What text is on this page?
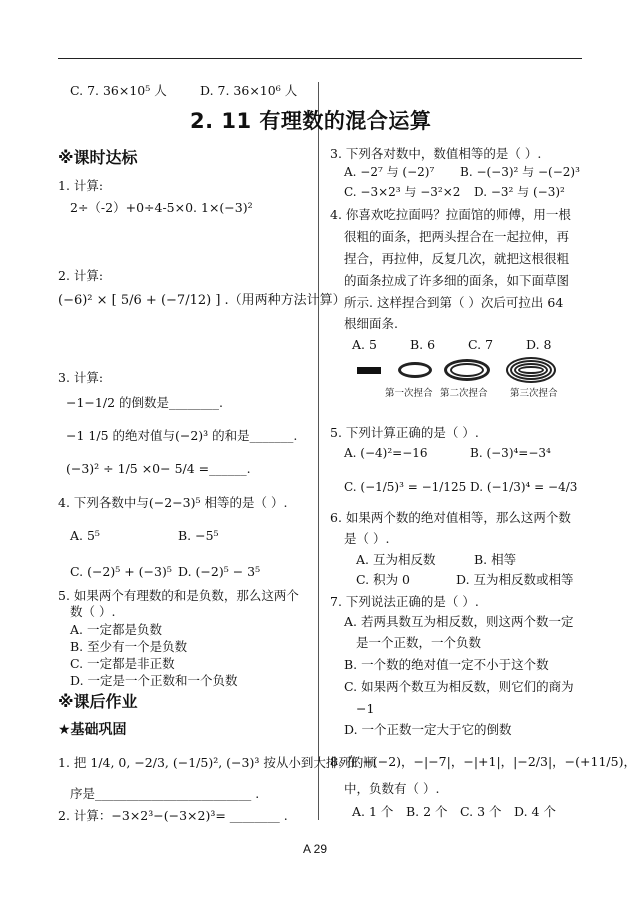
C. 7. 36×10⁵ 人	D. 7. 36×10⁶ 人
2. 11 有理数的混合运算
※课时达标
1. 计算:
2÷（-2）+0÷4-5×0. 1×(−3)²
2. 计算:
(−6)² × [ 5/6 + (−7/12) ] .（用两种方法计算）
3. 计算:
−1−1/2 的倒数是________.
−1 1/5 的绝对值与(−2)³ 的和是_______.
(−3)² ÷ 1/5 ×0− 5/4 =______.
4. 下列各数中与(−2−3)⁵ 相等的是（ ）.
A. 5⁵	B. −5⁵
C. (−2)⁵ + (−3)⁵ D. (−2)⁵ − 3⁵
5. 如果两个有理数的和是负数，那么这两个
数（ ）.
A. 一定都是负数
B. 至少有一个是负数
C. 一定都是非正数
D. 一定是一个正数和一个负数
※课后作业
★基础巩固
1. 把 1/4, 0, −2/3, (−1/5)², (−3)³ 按从小到大排列的顺
序是_________________________ .
2. 计算：−3×2³−(−3×2)³= ________ .
3. 下列各对数中，数值相等的是（ ）.
A. −2⁷ 与 (−2)⁷ B. −(−3)² 与 −(−2)³
C. −3×2³ 与 −3²×2 D. −3² 与 (−3)²
4. 你喜欢吃拉面吗？拉面馆的师傅，用一根
很粗的面条，把两头捏合在一起拉伸，再
捏合，再拉伸，反复几次，就把这根很粗
的面条拉成了许多细的面条，如下面草图
所示. 这样捏合到第（ ）次后可拉出 64
根细面条.
A. 5	B. 6	C. 7	D. 8
第一次捏合 第二次捏合 第三次捏合
5. 下列计算正确的是（ ）.
A. (−4)²=−16	B. (−3)⁴=−3⁴
C. (−1/5)³ = −1/125 D. (−1/3)⁴ = −4/3
6. 如果两个数的绝对值相等，那么这两个数
是（ ）.
A. 互为相反数	B. 相等
C. 积为 0	D. 互为相反数或相等
7. 下列说法正确的是（ ）.
A. 若两具数互为相反数，则这两个数一定
是一个正数，一个负数
B. 一个数的绝对值一定不小于这个数
C. 如果两个数互为相反数，则它们的商为
−1
D. 一个正数一定大于它的倒数
8. 在 −(−2)，−|−7|，−|+1|，|−2/3|，−(+11/5)，
中，负数有（ ）.
A. 1 个 B. 2 个 C. 3 个 D. 4 个
A 29
